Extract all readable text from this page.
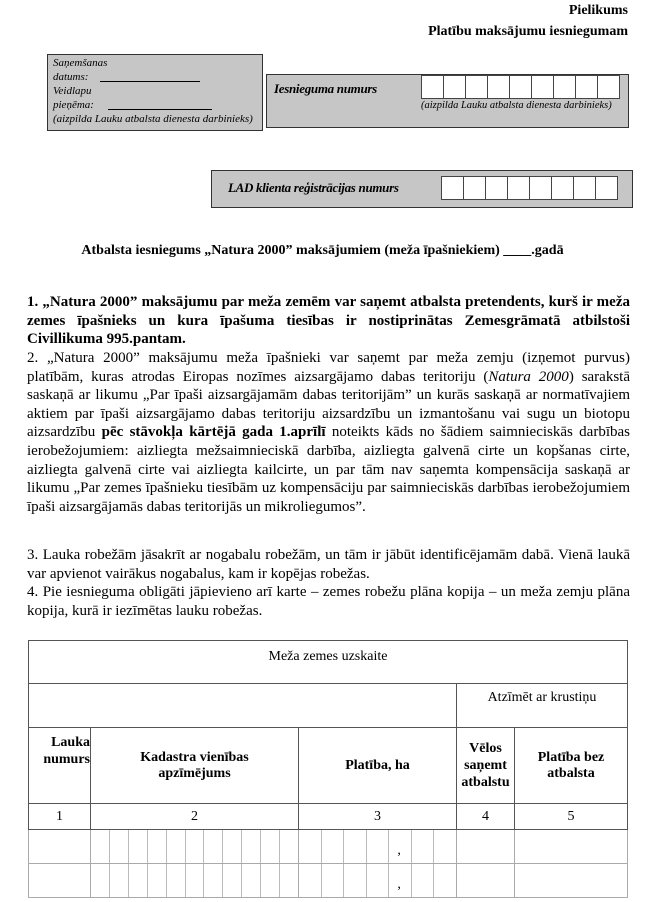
Pielikums
Platību maksājumu iesniegumam
Saņemšanas datums:
Veidlapu pieņēma:
(aizpilda Lauku atbalsta dienesta darbinieks)
Iesnieguma numurs
(aizpilda Lauku atbalsta dienesta darbinieks)
LAD klienta reģistrācijas numurs
Atbalsta iesniegums „Natura 2000” maksājumiem (meža īpašniekiem) ____.gadā
1. „Natura 2000” maksājumu par meža zemēm var saņemt atbalsta pretendents, kurš ir meža zemes īpašnieks un kura īpašuma tiesības ir nostiprinātas Zemesgrāmatā atbilstoši Civillikuma 995.pantam.
2. „Natura 2000” maksājumu meža īpašnieki var saņemt par meža zemju (izņemot purvus) platībām, kuras atrodas Eiropas nozīmes aizsargājamo dabas teritoriju (Natura 2000) sarakstā saskaņā ar likumu „Par īpaši aizsargājamām dabas teritorijām” un kurās saskaņā ar normatīvajiem aktiem par īpaši aizsargājamo dabas teritoriju aizsardzību un izmantošanu vai sugu un biotopu aizsardzību pēc stāvokļa kārtējā gada 1.aprīlī noteikts kāds no šādiem saimnieciskās darbības ierobežojumiem: aizliegta mežsaimnieciskā darbība, aizliegta galvenā cirte un kopšanas cirte, aizliegta galvenā cirte vai aizliegta kailcirte, un par tām nav saņemta kompensācija saskaņā ar likumu „Par zemes īpašnieku tiesībām uz kompensāciju par saimnieciskās darbības ierobežojumiem īpaši aizsargājamās dabas teritorijās un mikroliegumos”.
3. Lauka robežām jāsakrīt ar nogabalu robežām, un tām ir jābūt identificējamām dabā. Vienā laukā var apvienot vairākus nogabalus, kam ir kopējas robežas.
4. Pie iesnieguma obligāti jāpievieno arī karte – zemes robežu plāna kopija – un meža zemju plāna kopija, kurā ir iezīmētas lauku robežas.
Meža zemes uzskaite				
			Atzīmēt ar krustiņu	
Lauka numurs	Kadastra vienības apzīmējums	Platība, ha	Vēlos saņemt atbalstu	Platība bez atbalsta
1	2	3	4	5

		,		

		,		
